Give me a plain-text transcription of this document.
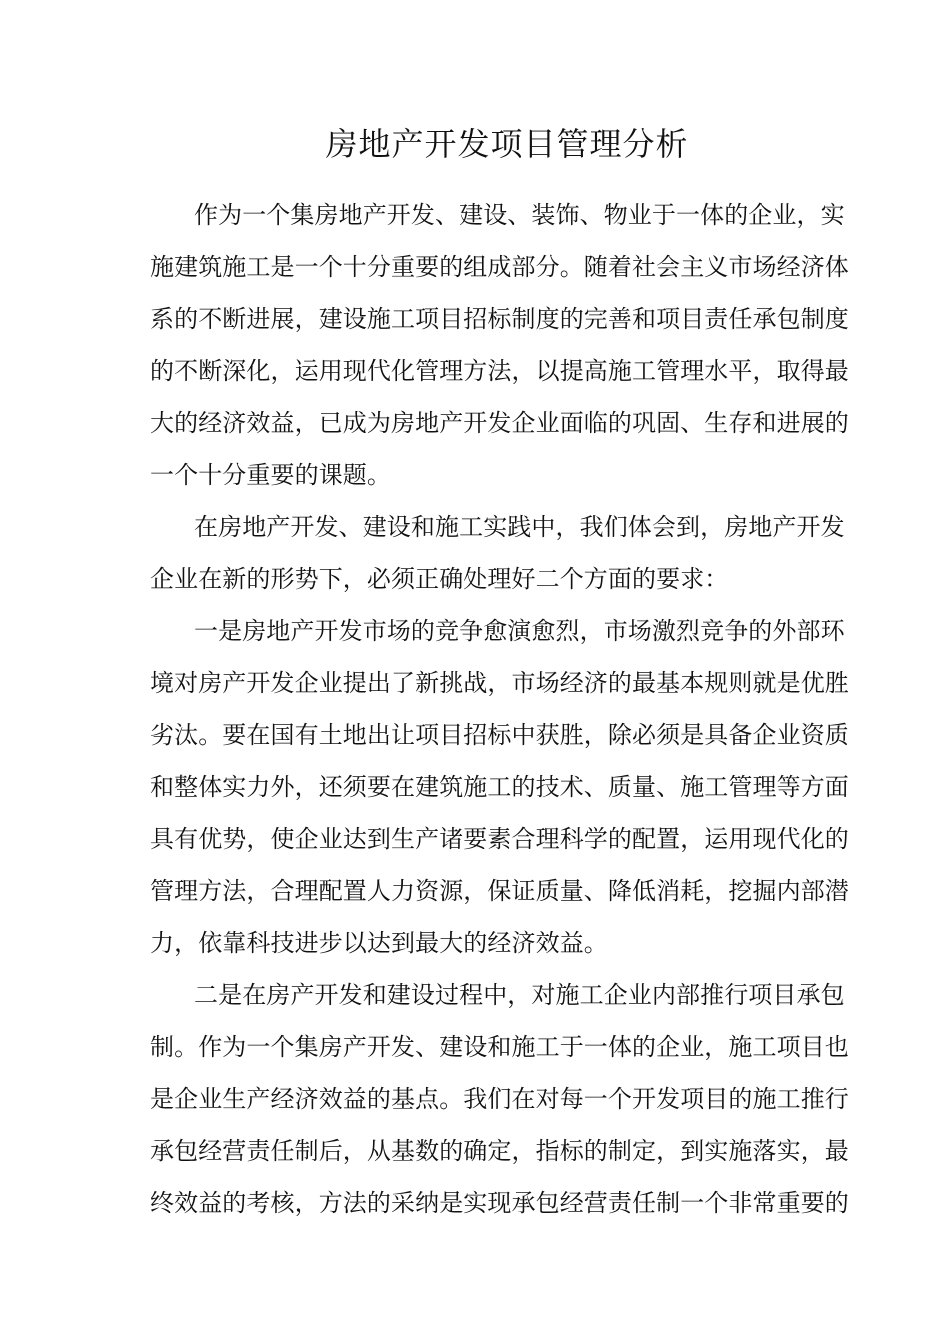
房地产开发项目管理分析
作为一个集房地产开发、建设、装饰、物业于一体的企业，实
施建筑施工是一个十分重要的组成部分。随着社会主义市场经济体
系的不断进展，建设施工项目招标制度的完善和项目责任承包制度
的不断深化，运用现代化管理方法，以提高施工管理水平，取得最
大的经济效益，已成为房地产开发企业面临的巩固、生存和进展的
一个十分重要的课题。
在房地产开发、建设和施工实践中，我们体会到，房地产开发
企业在新的形势下，必须正确处理好二个方面的要求：
一是房地产开发市场的竞争愈演愈烈，市场激烈竞争的外部环
境对房产开发企业提出了新挑战，市场经济的最基本规则就是优胜
劣汰。要在国有土地出让项目招标中获胜，除必须是具备企业资质
和整体实力外，还须要在建筑施工的技术、质量、施工管理等方面
具有优势，使企业达到生产诸要素合理科学的配置，运用现代化的
管理方法，合理配置人力资源，保证质量、降低消耗，挖掘内部潜
力，依靠科技进步以达到最大的经济效益。
二是在房产开发和建设过程中，对施工企业内部推行项目承包
制。作为一个集房产开发、建设和施工于一体的企业，施工项目也
是企业生产经济效益的基点。我们在对每一个开发项目的施工推行
承包经营责任制后，从基数的确定，指标的制定，到实施落实，最
终效益的考核，方法的采纳是实现承包经营责任制一个非常重要的
